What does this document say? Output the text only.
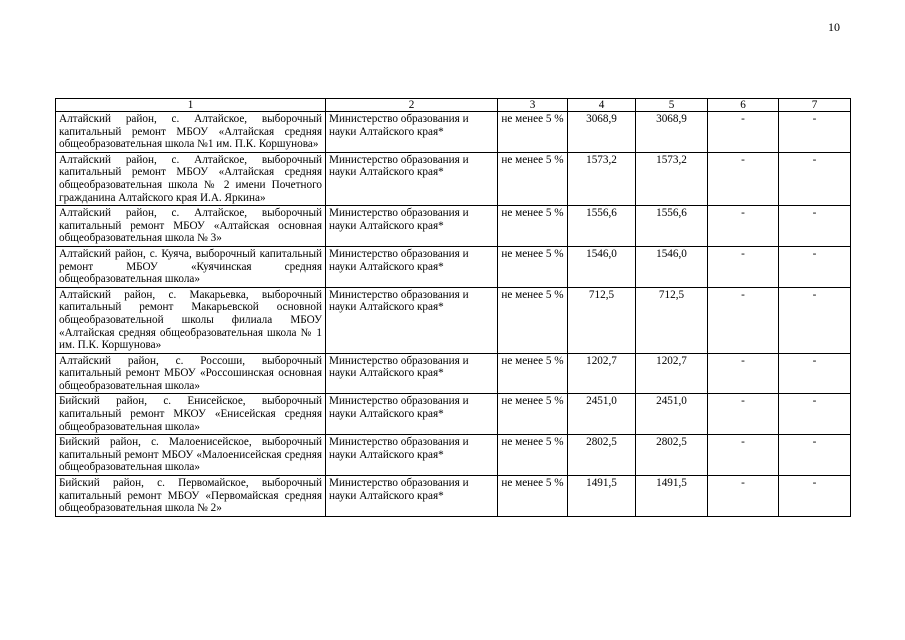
10
1	2	3	4	5	6	7
Алтайский район, с. Алтайское, выборочный капитальный ремонт МБОУ «Алтайская средняя общеобразовательная школа №1 им. П.К. Коршунова»	Министерство образования и науки Алтайского края*	не менее 5 %	3068,9	3068,9	-	-
Алтайский район, с. Алтайское, выборочный капитальный ремонт МБОУ «Алтайская средняя общеобразовательная школа № 2 имени Почетного гражданина Алтайского края И.А. Яркина»	Министерство образования и науки Алтайского края*	не менее 5 %	1573,2	1573,2	-	-
Алтайский район, с. Алтайское, выборочный капитальный ремонт МБОУ «Алтайская основная общеобразовательная школа № 3»	Министерство образования и науки Алтайского края*	не менее 5 %	1556,6	1556,6	-	-
Алтайский район, с. Куяча, выборочный капитальный ремонт МБОУ «Куячинская средняя общеобразовательная школа»	Министерство образования и науки Алтайского края*	не менее 5 %	1546,0	1546,0	-	-
Алтайский район, с. Макарьевка, выборочный капитальный ремонт Макарьевской основной общеобразовательной школы филиала МБОУ «Алтайская средняя общеобразовательная школа № 1 им. П.К. Коршунова»	Министерство образования и науки Алтайского края*	не менее 5 %	712,5	712,5	-	-
Алтайский район, с. Россоши, выборочный капитальный ремонт МБОУ «Россошинская основная общеобразовательная школа»	Министерство образования и науки Алтайского края*	не менее 5 %	1202,7	1202,7	-	-
Бийский район, с. Енисейское, выборочный капитальный ремонт МКОУ «Енисейская средняя общеобразовательная школа»	Министерство образования и науки Алтайского края*	не менее 5 %	2451,0	2451,0	-	-
Бийский район, с. Малоенисейское, выборочный капитальный ремонт МБОУ «Малоенисейская средняя общеобразовательная школа»	Министерство образования и науки Алтайского края*	не менее 5 %	2802,5	2802,5	-	-
Бийский район, с. Первомайское, выборочный капитальный ремонт МБОУ «Первомайская средняя общеобразовательная школа № 2»	Министерство образования и науки Алтайского края*	не менее 5 %	1491,5	1491,5	-	-
